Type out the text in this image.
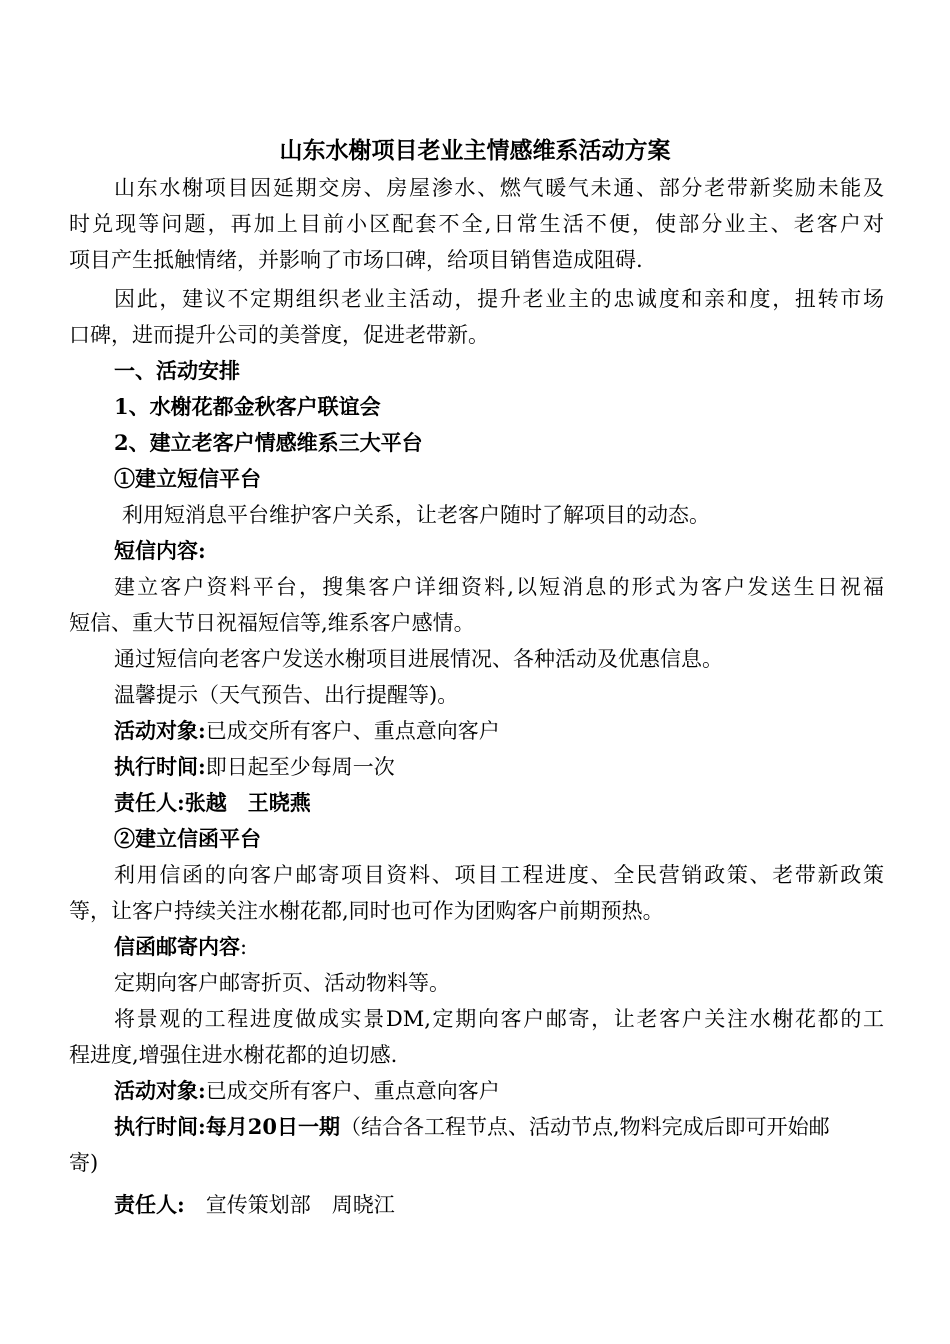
山东水榭项目老业主情感维系活动方案
山东水榭项目因延期交房、房屋渗水、燃气暖气未通、部分老带新奖励未能及
时兑现等问题，再加上目前小区配套不全,日常生活不便，使部分业主、老客户对
项目产生抵触情绪，并影响了市场口碑，给项目销售造成阻碍.
因此，建议不定期组织老业主活动，提升老业主的忠诚度和亲和度，扭转市场
口碑，进而提升公司的美誉度，促进老带新。
一、活动安排
1、水榭花都金秋客户联谊会
2、建立老客户情感维系三大平台
①建立短信平台
利用短消息平台维护客户关系，让老客户随时了解项目的动态。
短信内容:
建立客户资料平台，搜集客户详细资料,以短消息的形式为客户发送生日祝福
短信、重大节日祝福短信等,维系客户感情。
通过短信向老客户发送水榭项目进展情况、各种活动及优惠信息。
温馨提示（天气预告、出行提醒等)。
活动对象:已成交所有客户、重点意向客户
执行时间:即日起至少每周一次
责任人:张越　王晓燕
②建立信函平台
利用信函的向客户邮寄项目资料、项目工程进度、全民营销政策、老带新政策
等，让客户持续关注水榭花都,同时也可作为团购客户前期预热。
信函邮寄内容:
定期向客户邮寄折页、活动物料等。
将景观的工程进度做成实景DM,定期向客户邮寄，让老客户关注水榭花都的工
程进度,增强住进水榭花都的迫切感.
活动对象:已成交所有客户、重点意向客户
执行时间:每月20日一期（结合各工程节点、活动节点,物料完成后即可开始邮
寄)
责任人: 宣传策划部　周晓江
